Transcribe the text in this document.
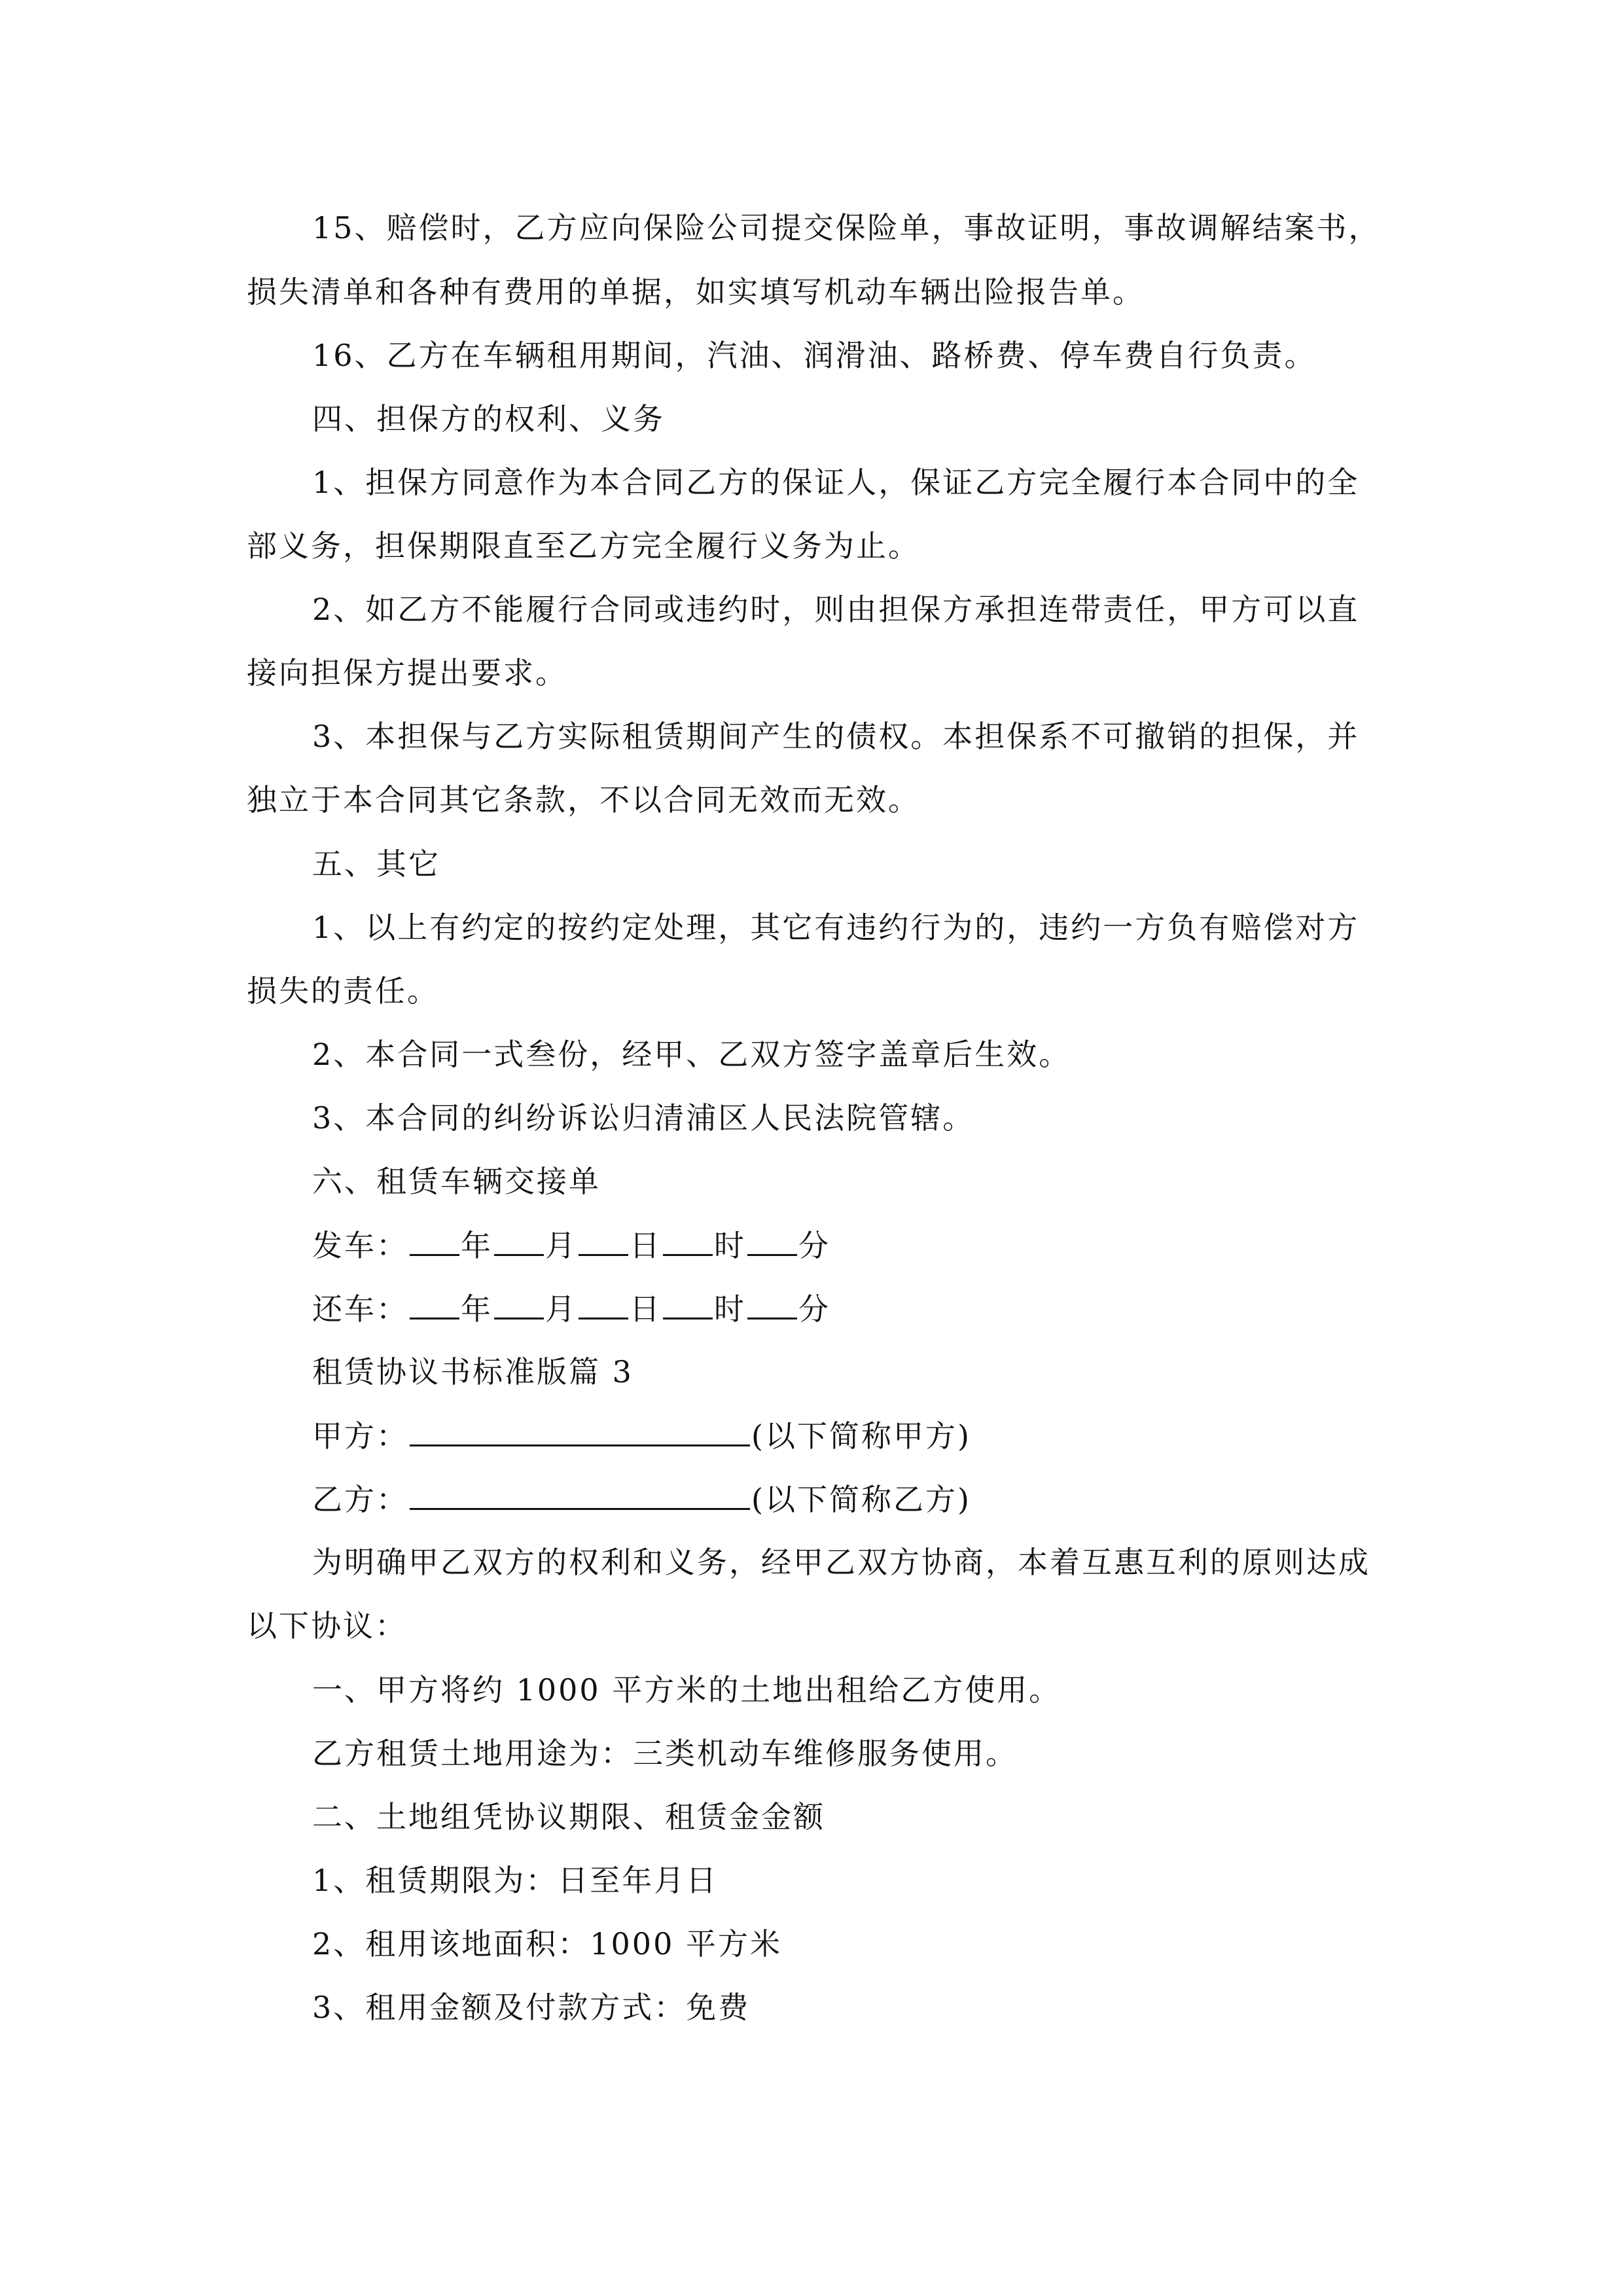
15、赔偿时，乙方应向保险公司提交保险单，事故证明，事故调解结案书，
损失清单和各种有费用的单据，如实填写机动车辆出险报告单。
16、乙方在车辆租用期间，汽油、润滑油、路桥费、停车费自行负责。
四、担保方的权利、义务
1、担保方同意作为本合同乙方的保证人，保证乙方完全履行本合同中的全
部义务，担保期限直至乙方完全履行义务为止。
2、如乙方不能履行合同或违约时，则由担保方承担连带责任，甲方可以直
接向担保方提出要求。
3、本担保与乙方实际租赁期间产生的债权。本担保系不可撤销的担保，并
独立于本合同其它条款，不以合同无效而无效。
五、其它
1、以上有约定的按约定处理，其它有违约行为的，违约一方负有赔偿对方
损失的责任。
2、本合同一式叁份，经甲、乙双方签字盖章后生效。
3、本合同的纠纷诉讼归清浦区人民法院管辖。
六、租赁车辆交接单
发车： 年 月 日 时 分
还车： 年 月 日 时 分
租赁协议书标准版篇 3
甲方：	(以下简称甲方)
乙方：	(以下简称乙方)
为明确甲乙双方的权利和义务，经甲乙双方协商，本着互惠互利的原则达成
以下协议：
一、甲方将约 1000 平方米的土地出租给乙方使用。
乙方租赁土地用途为：三类机动车维修服务使用。
二、土地组凭协议期限、租赁金金额
1、租赁期限为：日至年月日
2、租用该地面积：1000 平方米
3、租用金额及付款方式：免费
